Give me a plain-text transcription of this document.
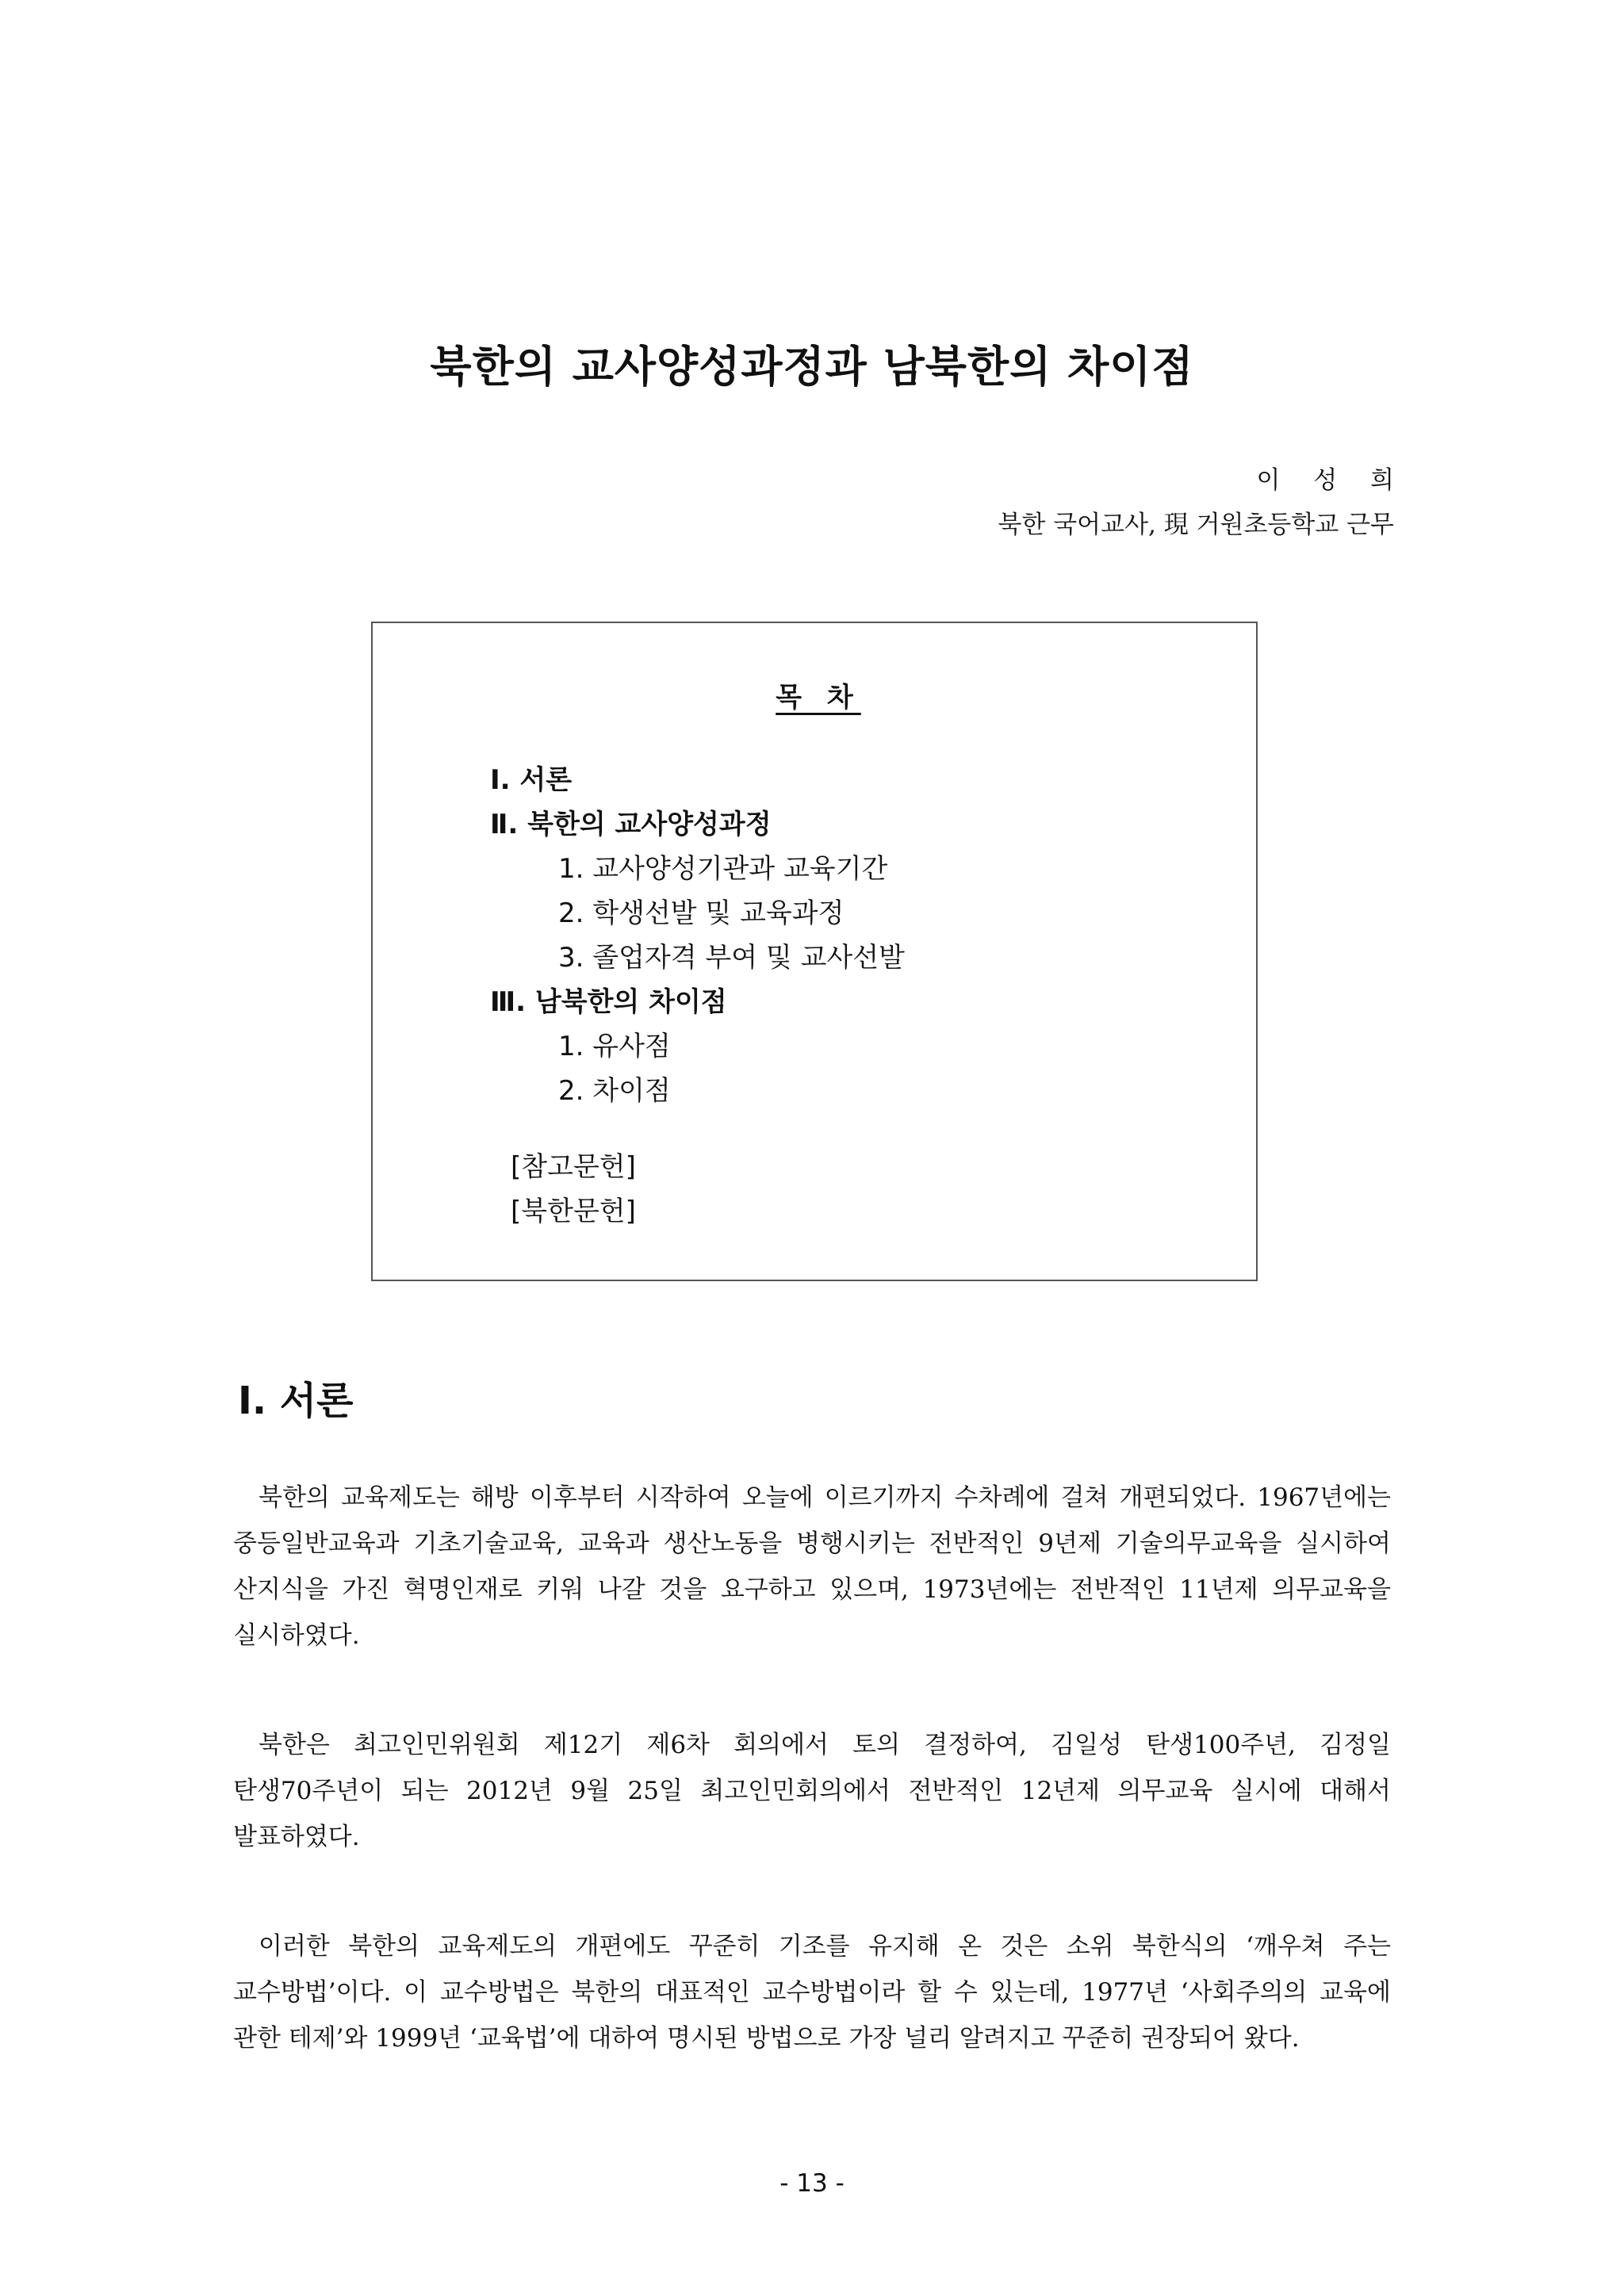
북한의 교사양성과정과 남북한의 차이점
이 성 희
북한 국어교사, 現 거원초등학교 근무
목 차
Ⅰ. 서론
Ⅱ. 북한의 교사양성과정
1. 교사양성기관과 교육기간
2. 학생선발 및 교육과정
3. 졸업자격 부여 및 교사선발
Ⅲ. 남북한의 차이점
1. 유사점
2. 차이점
[참고문헌]
[북한문헌]
Ⅰ. 서론

북한의 교육제도는 해방 이후부터 시작하여 오늘에 이르기까지 수차례에 걸쳐 개편되었다. 1967년에는 중등일반교육과 기초기술교육, 교육과 생산노동을 병행시키는 전반적인 9년제 기술의무교육을 실시하여 산지식을 가진 혁명인재로 키워 나갈 것을 요구하고 있으며, 1973년에는 전반적인 11년제 의무교육을 실시하였다.

북한은 최고인민위원회 제12기 제6차 회의에서 토의 결정하여, 김일성 탄생100주년, 김정일 탄생70주년이 되는 2012년 9월 25일 최고인민회의에서 전반적인 12년제 의무교육 실시에 대해서 발표하였다.

이러한 북한의 교육제도의 개편에도 꾸준히 기조를 유지해 온 것은 소위 북한식의 ‘깨우쳐 주는 교수방법’이다. 이 교수방법은 북한의 대표적인 교수방법이라 할 수 있는데, 1977년 ‘사회주의의 교육에 관한 테제’와 1999년 ‘교육법’에 대하여 명시된 방법으로 가장 널리 알려지고 꾸준히 권장되어 왔다.

- 13 -
